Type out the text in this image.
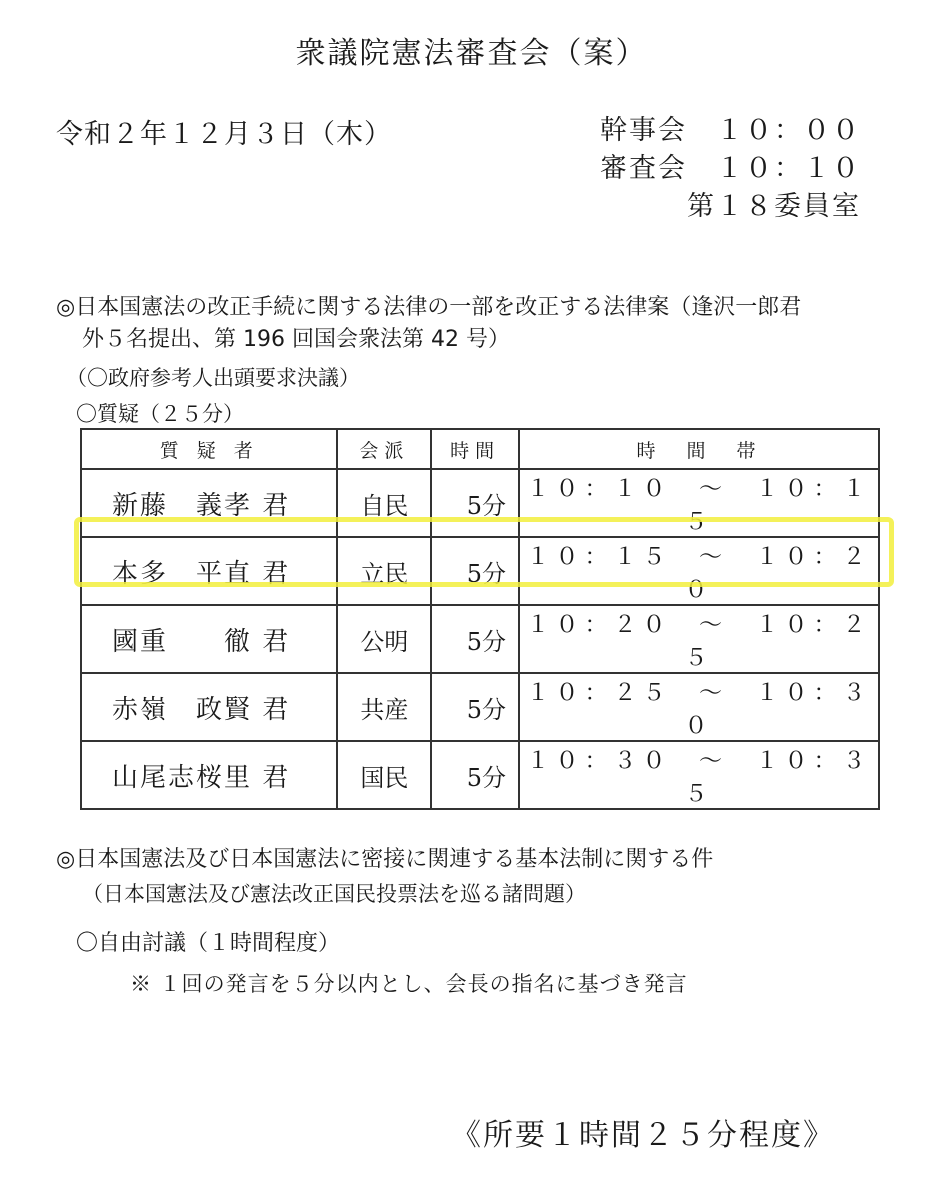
衆議院憲法審査会（案）
令和２年１２月３日（木）	幹事会　１０：００
審査会　１０：１０
第１８委員室
◎日本国憲法の改正手続に関する法律の一部を改正する法律案（逢沢一郎君
外５名提出、第 196 回国会衆法第 42 号）
（〇政府参考人出頭要求決議）
〇質疑（２５分）
質 疑 者	会派	時間	時　間　帯
新藤　義孝 君	自民	5分	１０：１０ ～ １０：１５
本多　平直 君	立民	5分	１０：１５ ～ １０：２０
國重　　徹 君	公明	5分	１０：２０ ～ １０：２５
赤嶺　政賢 君	共産	5分	１０：２５ ～ １０：３０
山尾志桜里 君	国民	5分	１０：３０ ～ １０：３５
◎日本国憲法及び日本国憲法に密接に関連する基本法制に関する件
（日本国憲法及び憲法改正国民投票法を巡る諸問題）
〇自由討議（１時間程度）
※ １回の発言を５分以内とし、会長の指名に基づき発言
《所要１時間２５分程度》
